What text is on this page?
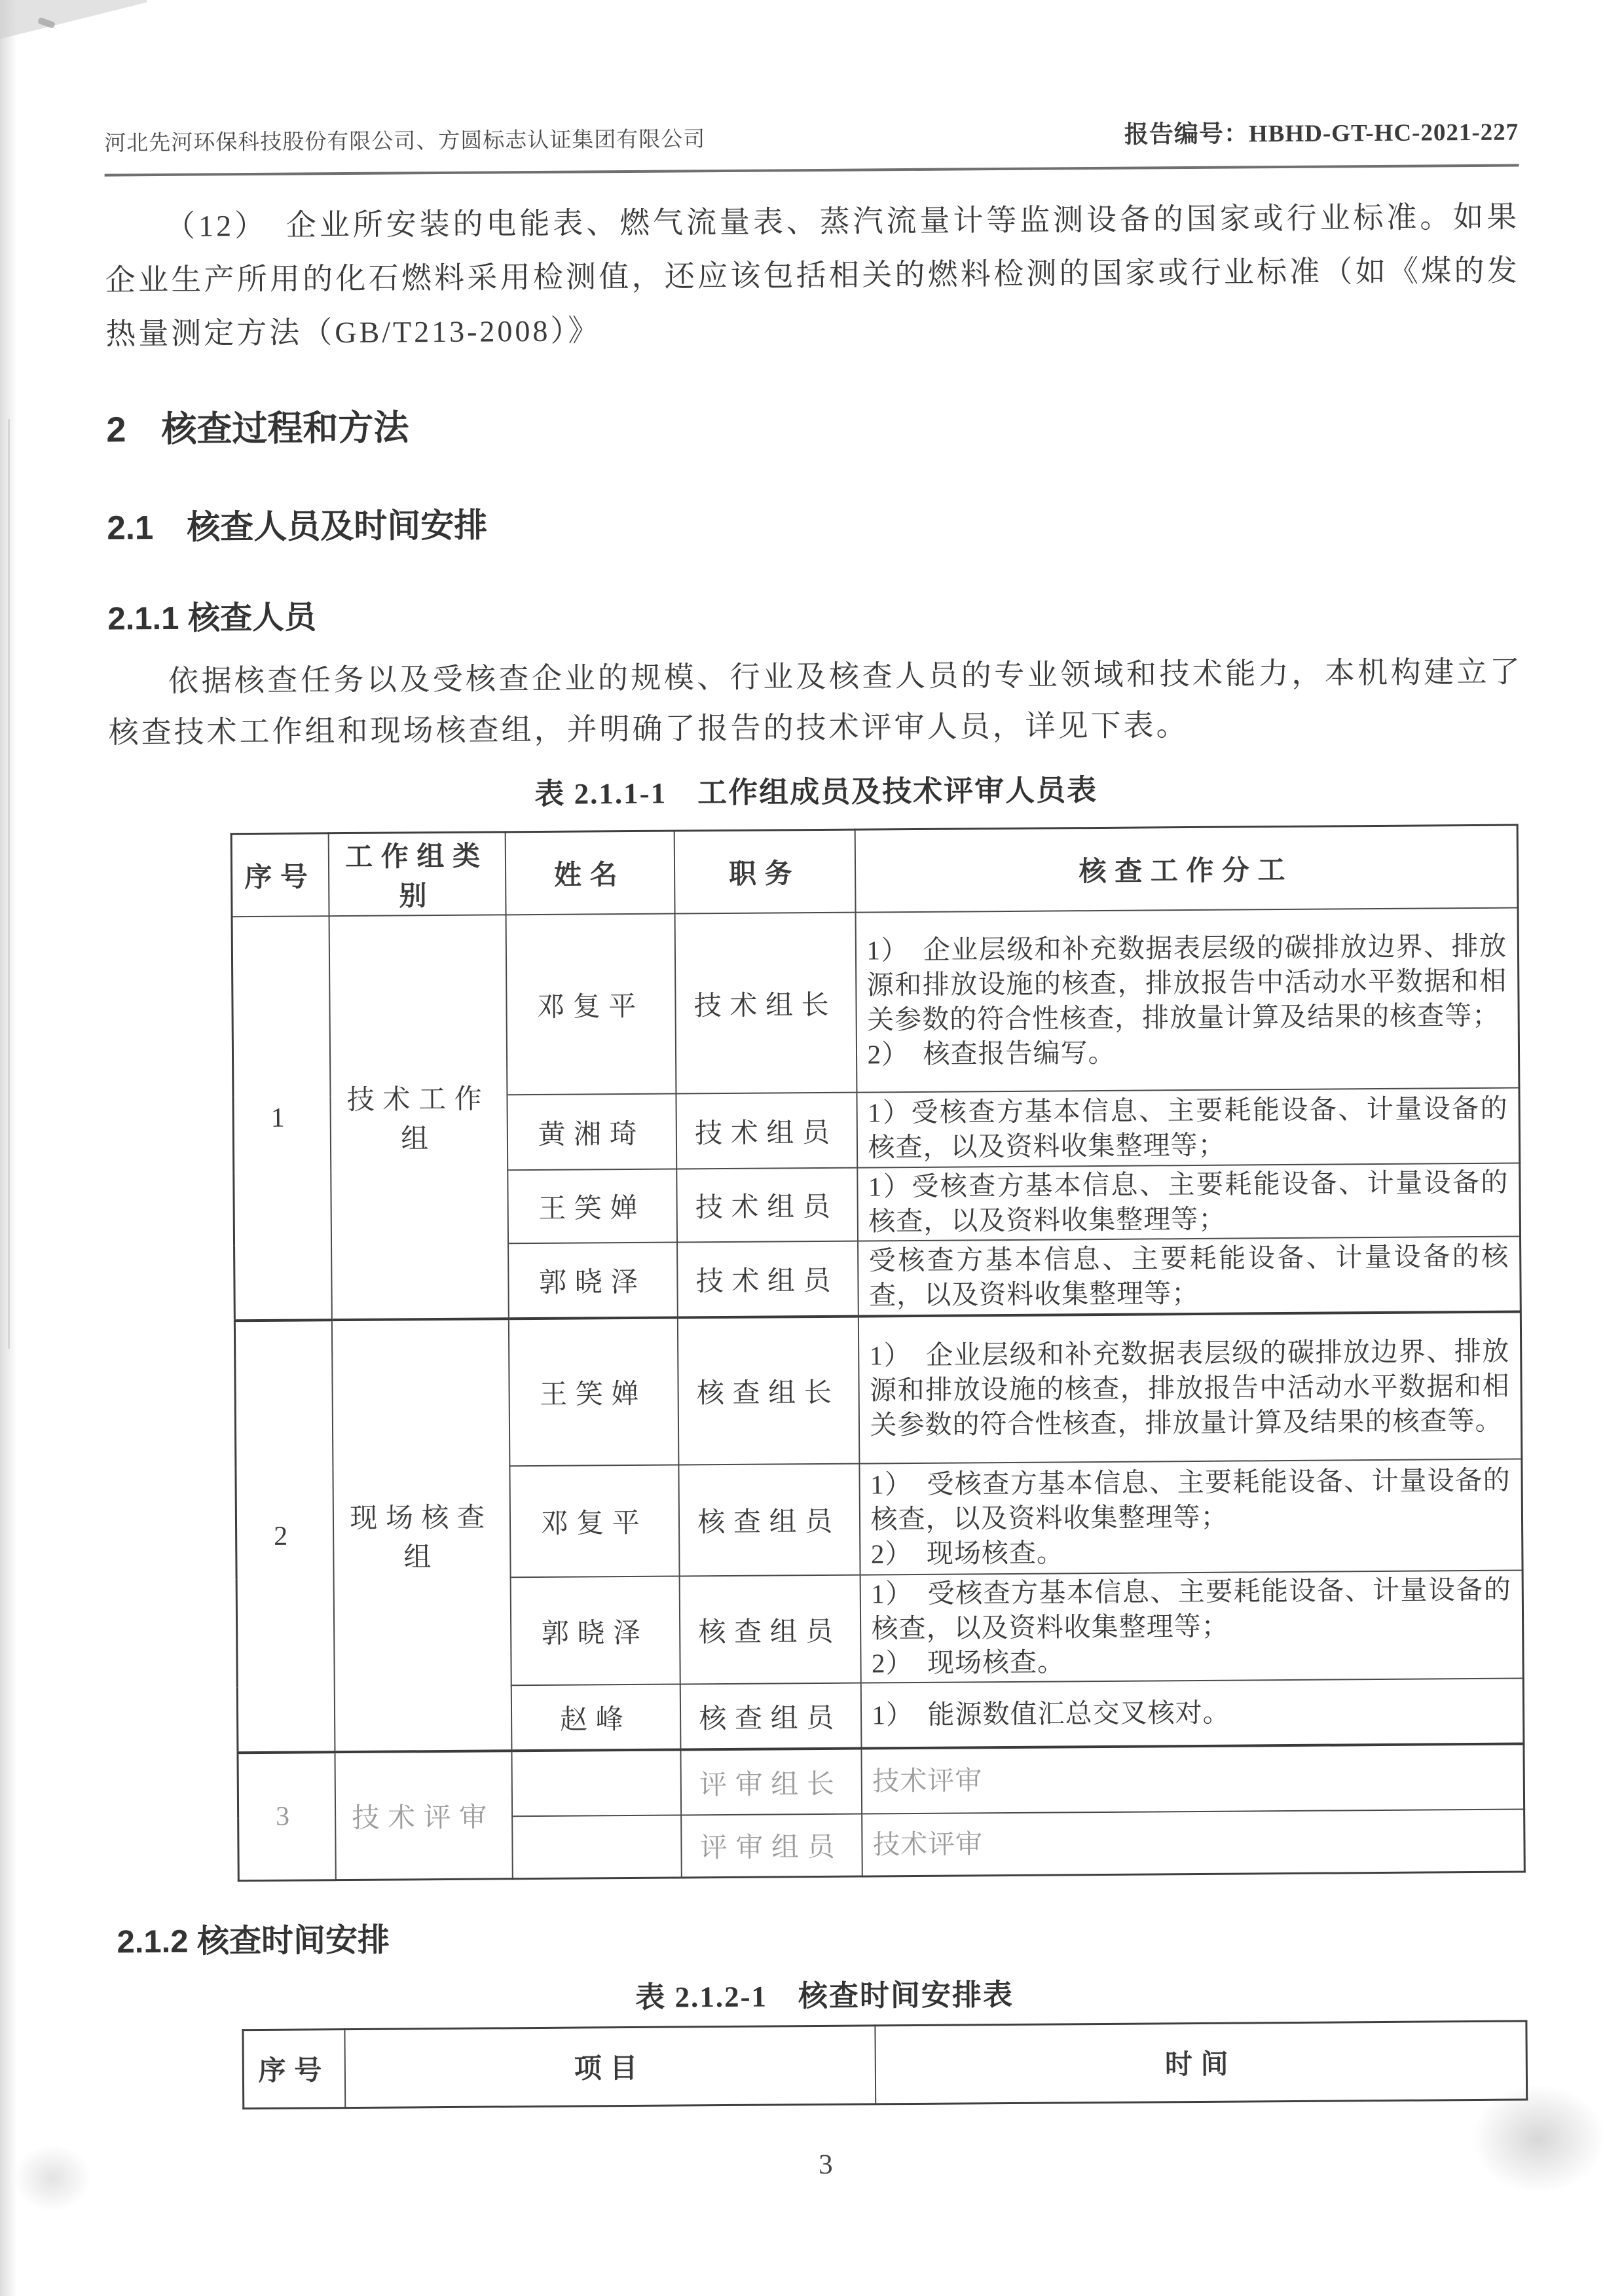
河北先河环保科技股份有限公司、方圆标志认证集团有限公司	报告编号：HBHD-GT-HC-2021-227

（12）　企业所安装的电能表、燃气流量表、蒸汽流量计等监测设备的国家或行业标准。如果企业生产所用的化石燃料采用检测值，还应该包括相关的燃料检测的国家或行业标准（如《煤的发热量测定方法（GB/T213-2008）》

2　核查过程和方法
2.1　核查人员及时间安排
2.1.1 核查人员

依据核查任务以及受核查企业的规模、行业及核查人员的专业领域和技术能力，本机构建立了核查技术工作组和现场核查组，并明确了报告的技术评审人员，详见下表。

表 2.1.1-1　工作组成员及技术评审人员表
序号	工作组类别	姓名	职务	核查工作分工
1	技术工作组	邓复平	技术组长	1）　企业层级和补充数据表层级的碳排放边界、排放源和排放设施的核查，排放报告中活动水平数据和相关参数的符合性核查，排放量计算及结果的核查等；
2）　核查报告编写。
		黄湘琦	技术组员	1）受核查方基本信息、主要耗能设备、计量设备的核查，以及资料收集整理等；
		王笑婵	技术组员	1）受核查方基本信息、主要耗能设备、计量设备的核查，以及资料收集整理等；
		郭晓泽	技术组员	受核查方基本信息、主要耗能设备、计量设备的核查，以及资料收集整理等；
2	现场核查组	王笑婵	核查组长	1）　企业层级和补充数据表层级的碳排放边界、排放源和排放设施的核查，排放报告中活动水平数据和相关参数的符合性核查，排放量计算及结果的核查等。
		邓复平	核查组员	1）　受核查方基本信息、主要耗能设备、计量设备的核查，以及资料收集整理等；
2）　现场核查。
		郭晓泽	核查组员	1）　受核查方基本信息、主要耗能设备、计量设备的核查，以及资料收集整理等；
2）　现场核查。
		赵峰	核查组员	1）　能源数值汇总交叉核对。
3	技术评审		评审组长	技术评审
			评审组员	技术评审
2.1.2 核查时间安排
表 2.1.2-1　核查时间安排表
序号	项目	时间
3
